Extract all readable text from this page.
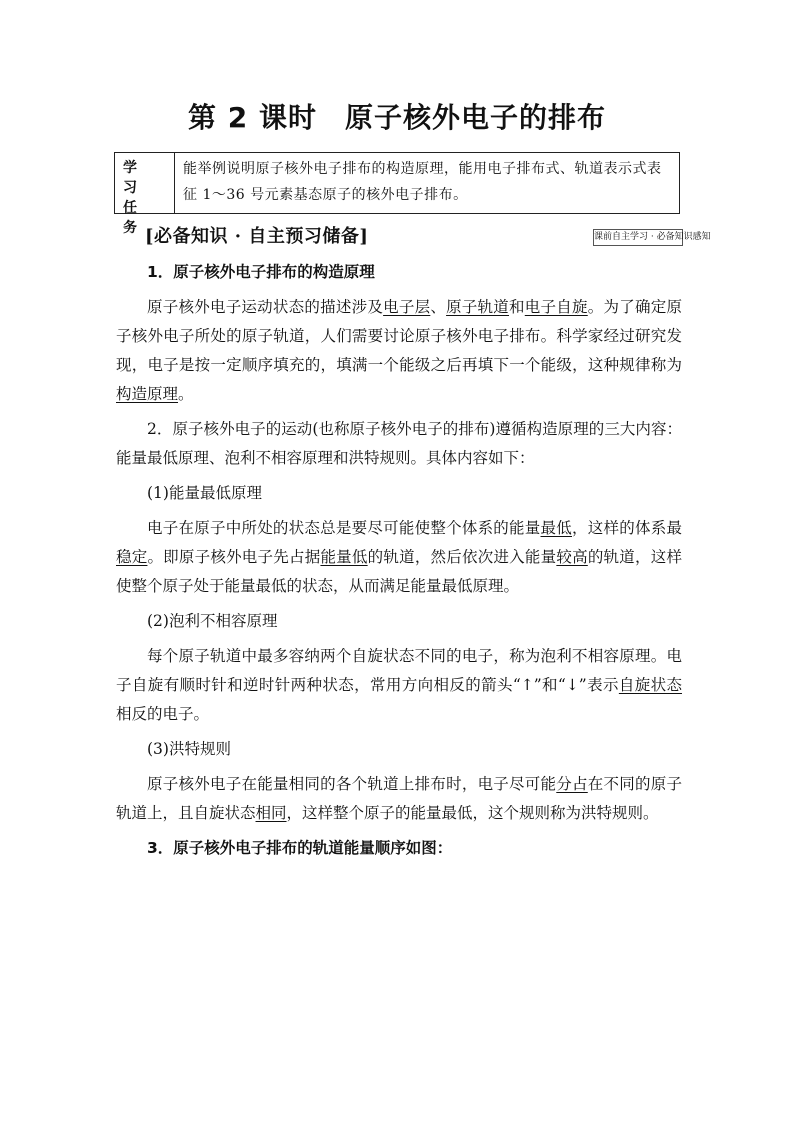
第 2 课时 原子核外电子的排布
学 习
任 务
能举例说明原子核外电子排布的构造原理，能用电子排布式、轨道表示式表征 1～36 号元素基态原子的核外电子排布。
[必备知识 · 自主预习储备]	课前自主学习 · 必备知识感知

1．原子核外电子排布的构造原理

原子核外电子运动状态的描述涉及电子层、原子轨道和电子自旋。为了确定原子核外电子所处的原子轨道，人们需要讨论原子核外电子排布。科学家经过研究发现，电子是按一定顺序填充的，填满一个能级之后再填下一个能级，这种规律称为构造原理。

2．原子核外电子的运动(也称原子核外电子的排布)遵循构造原理的三大内容：能量最低原理、泡利不相容原理和洪特规则。具体内容如下：

(1)能量最低原理

电子在原子中所处的状态总是要尽可能使整个体系的能量最低，这样的体系最稳定。即原子核外电子先占据能量低的轨道，然后依次进入能量较高的轨道，这样使整个原子处于能量最低的状态，从而满足能量最低原理。

(2)泡利不相容原理

每个原子轨道中最多容纳两个自旋状态不同的电子，称为泡利不相容原理。电子自旋有顺时针和逆时针两种状态，常用方向相反的箭头“↑”和“↓”表示自旋状态相反的电子。

(3)洪特规则

原子核外电子在能量相同的各个轨道上排布时，电子尽可能分占在不同的原子轨道上，且自旋状态相同，这样整个原子的能量最低，这个规则称为洪特规则。

3．原子核外电子排布的轨道能量顺序如图：
